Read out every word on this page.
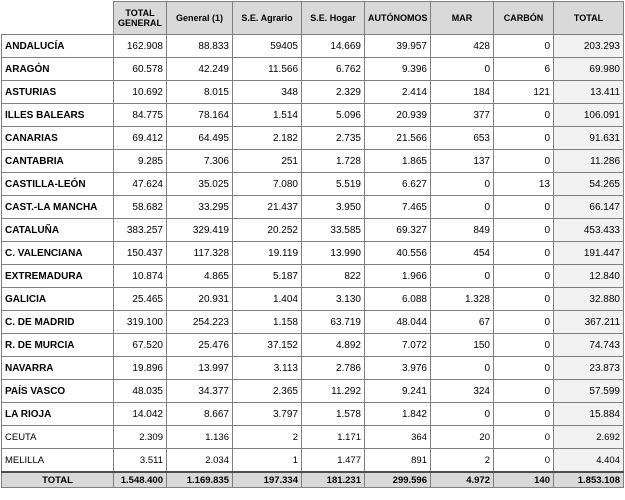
	TOTAL GENERAL	General (1)	S.E. Agrario	S.E. Hogar	AUTÓNOMOS	MAR	CARBÓN	TOTAL
ANDALUCÍA	162.908	88.833	59405	14.669	39.957	428	0	203.293
ARAGÓN	60.578	42.249	11.566	6.762	9.396	0	6	69.980
ASTURIAS	10.692	8.015	348	2.329	2.414	184	121	13.411
ILLES BALEARS	84.775	78.164	1.514	5.096	20.939	377	0	106.091
CANARIAS	69.412	64.495	2.182	2.735	21.566	653	0	91.631
CANTABRIA	9.285	7.306	251	1.728	1.865	137	0	11.286
CASTILLA-LEÓN	47.624	35.025	7.080	5.519	6.627	0	13	54.265
CAST.-LA MANCHA	58.682	33.295	21.437	3.950	7.465	0	0	66.147
CATALUÑA	383.257	329.419	20.252	33.585	69.327	849	0	453.433
C. VALENCIANA	150.437	117.328	19.119	13.990	40.556	454	0	191.447
EXTREMADURA	10.874	4.865	5.187	822	1.966	0	0	12.840
GALICIA	25.465	20.931	1.404	3.130	6.088	1.328	0	32.880
C. DE MADRID	319.100	254.223	1.158	63.719	48.044	67	0	367.211
R. DE MURCIA	67.520	25.476	37.152	4.892	7.072	150	0	74.743
NAVARRA	19.896	13.997	3.113	2.786	3.976	0	0	23.873
PAÍS VASCO	48.035	34.377	2.365	11.292	9.241	324	0	57.599
LA RIOJA	14.042	8.667	3.797	1.578	1.842	0	0	15.884
CEUTA	2.309	1.136	2	1.171	364	20	0	2.692
MELILLA	3.511	2.034	1	1.477	891	2	0	4.404
TOTAL	1.548.400	1.169.835	197.334	181.231	299.596	4.972	140	1.853.108
